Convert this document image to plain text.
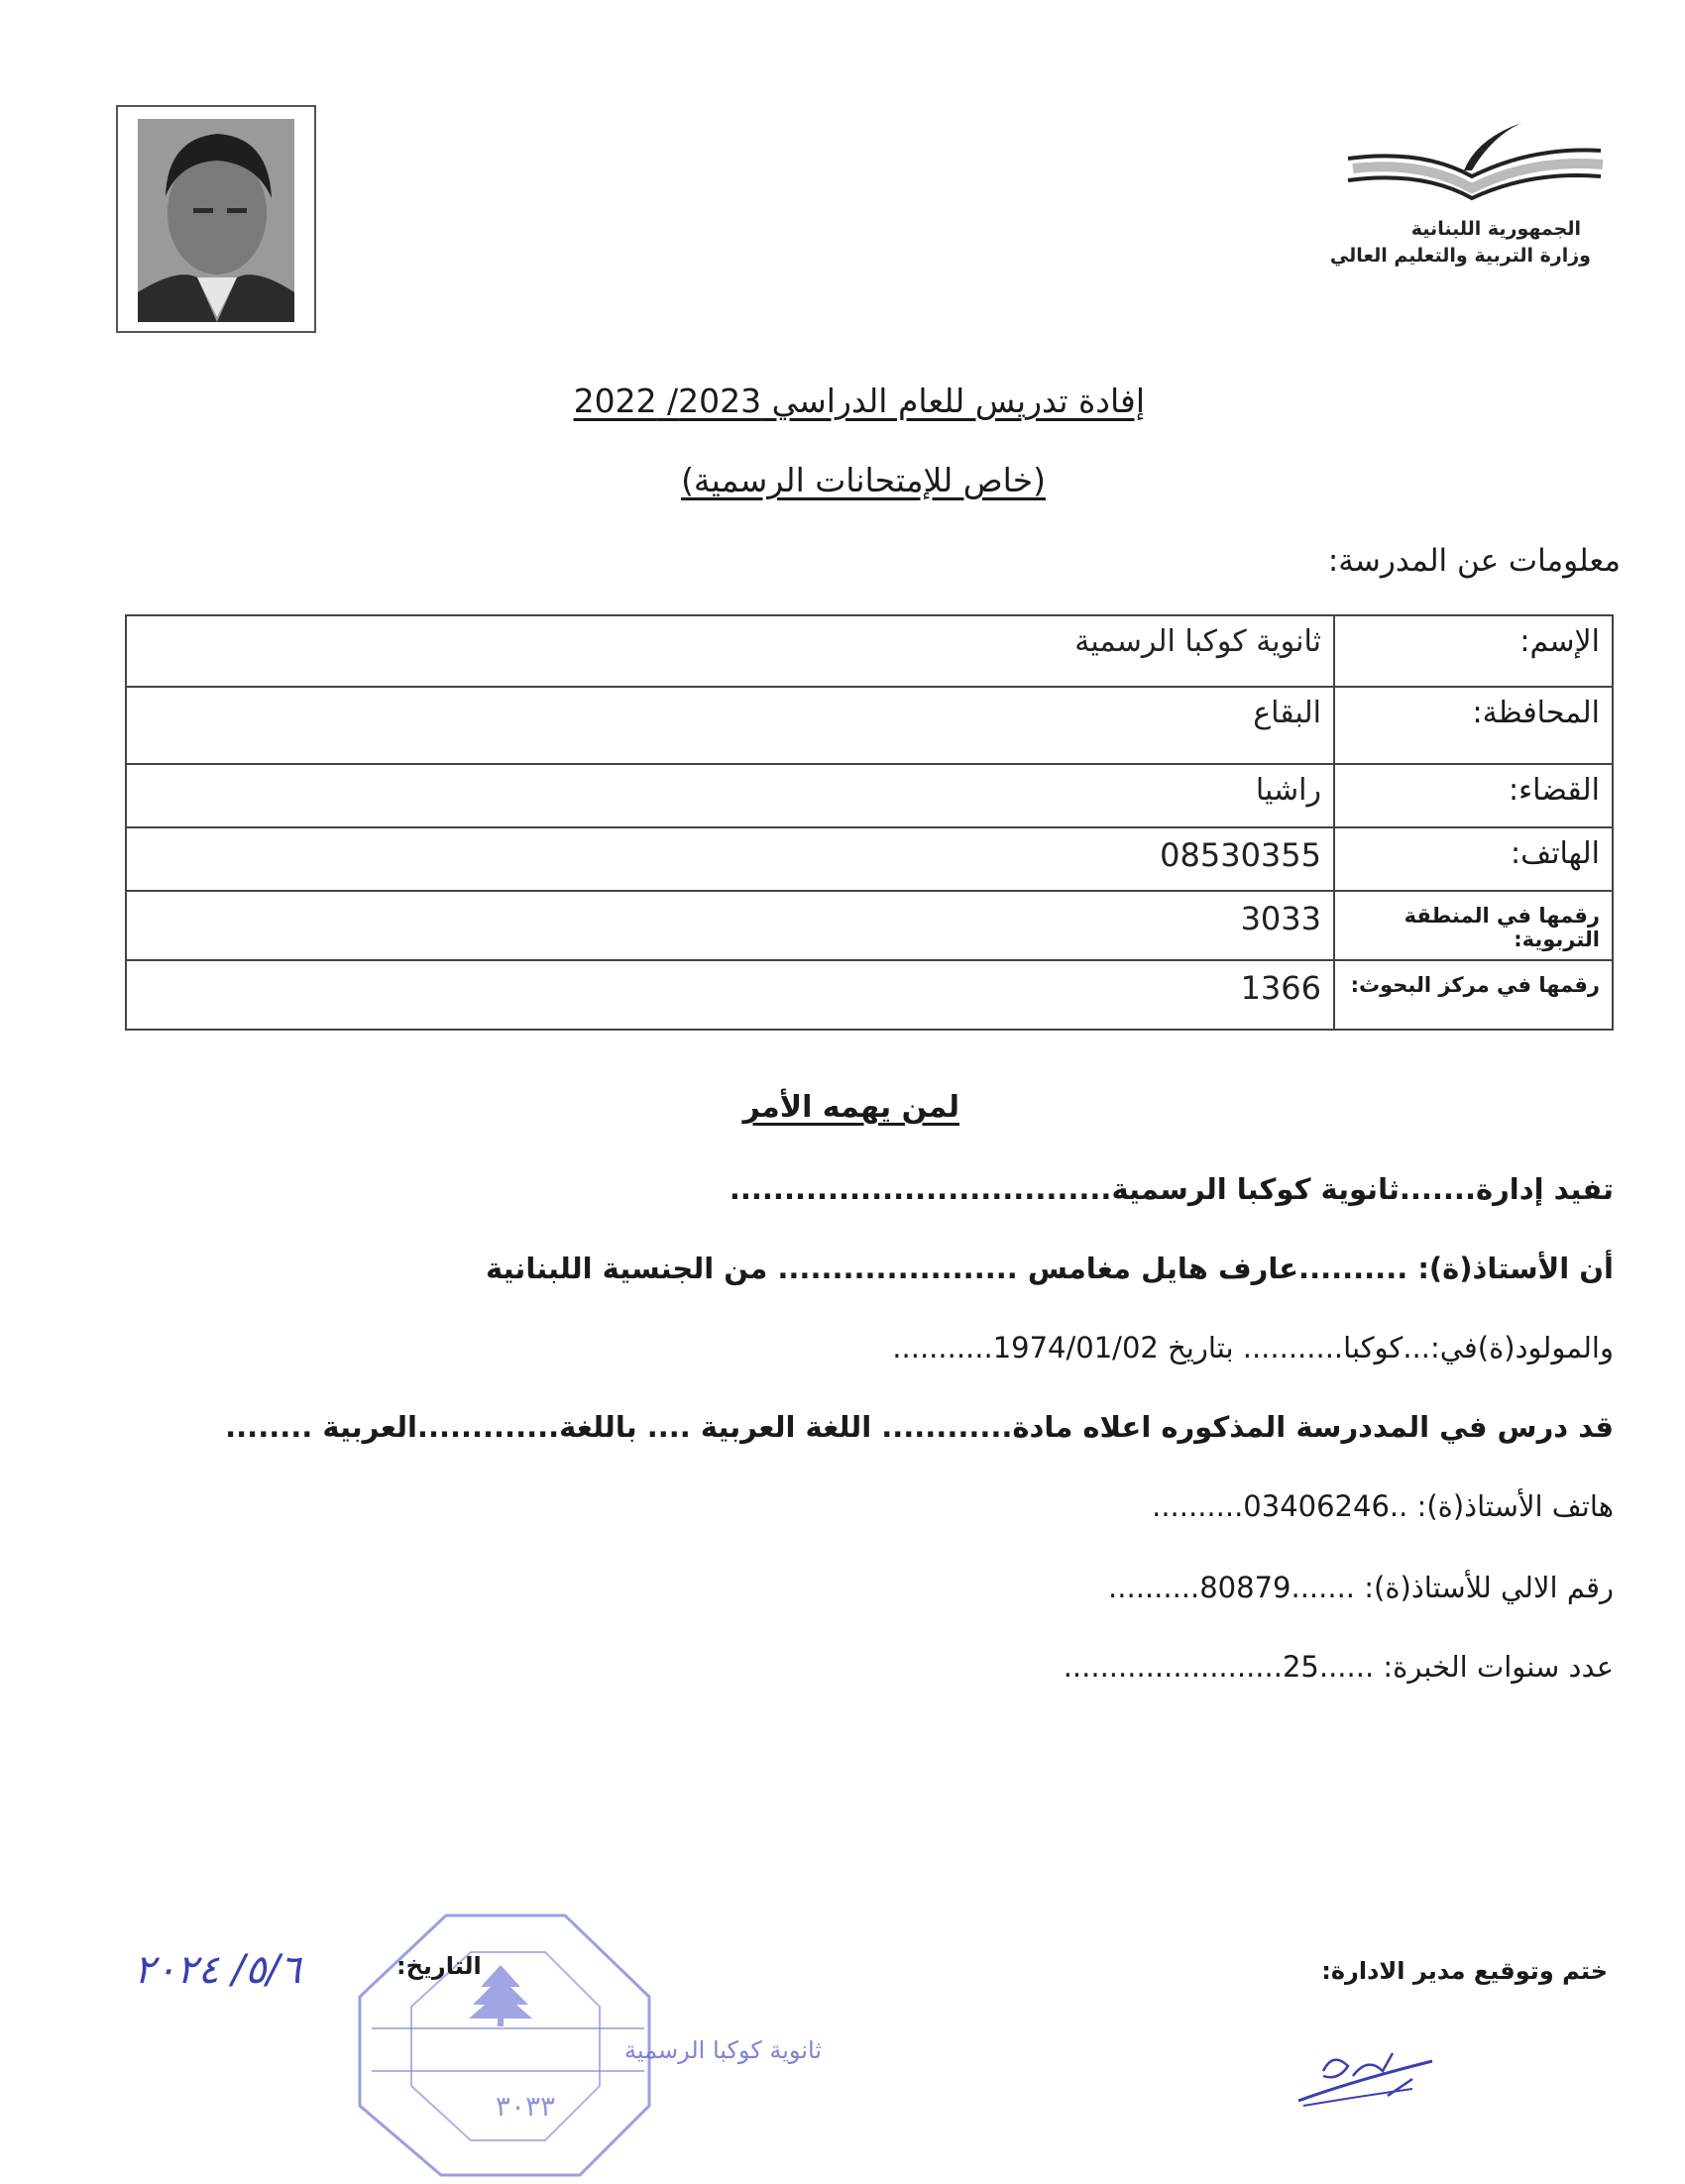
الجمهورية اللبنانية
وزارة التربية والتعليم العالي
إفادة تدريس للعام الدراسي 2023/ 2022
(خاص للإمتحانات الرسمية)
معلومات عن المدرسة:
الإسم:	ثانوية كوكبا الرسمية
المحافظة:	البقاع
القضاء:	راشيا
الهاتف:	08530355
رقمها في المنطقة التربوية:	3033
رقمها في مركز البحوث:	1366
لمن يهمه الأمر
تفيد إدارة.......ثانوية كوكبا الرسمية...................................
أن الأستاذ(ة): ..........عارف هايل مغامس ...................... من الجنسية اللبنانية
والمولود(ة)في:...كوكبا........... بتاريخ 1974/01/02...........
قد درس في المددرسة المذكوره اعلاه مادة............ اللغة العربية .... باللغة.............العربية ........
هاتف الأستاذ(ة): ..03406246..........
رقم الالي للأستاذ(ة): .......80879..........
عدد سنوات الخبرة: ......25........................
ختم وتوقيع مدير الادارة:
ثانوية كوكبا الرسمية
٣٠٣٣
التاريخ:
٥/٦/ ٢٠٢٤
